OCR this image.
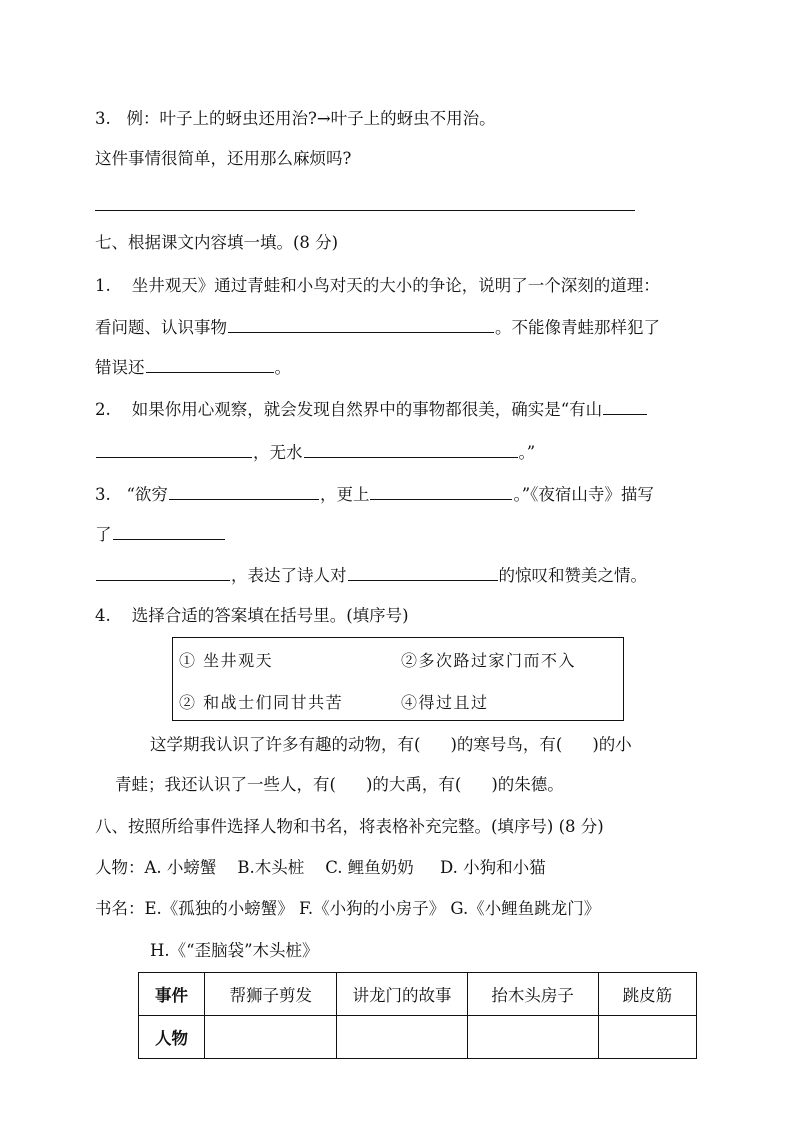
3. 例：叶子上的蚜虫还用治?→叶子上的蚜虫不用治。
这件事情很简单，还用那么麻烦吗?
七、根据课文内容填一填。(8 分)
1. 坐井观天》通过青蛙和小鸟对天的大小的争论，说明了一个深刻的道理：
看问题、认识事物	。不能像青蛙那样犯了
错误还	。
2. 如果你用心观察，就会发现自然界中的事物都很美，确实是“有山
，无水	。”
3. “欲穷	，更上	。”《夜宿山寺》描写
了
，表达了诗人对	的惊叹和赞美之情。
4. 选择合适的答案填在括号里。(填序号)
① 坐井观天	②多次路过家门而不入
② 和战士们同甘共苦	④得过且过
这学期我认识了许多有趣的动物，有( )的寒号鸟，有( )的小
青蛙；我还认识了一些人，有( )的大禹，有( )的朱德。
八、按照所给事件选择人物和书名，将表格补充完整。(填序号) (8 分)
人物：A. 小螃蟹    B.木头桩    C. 鲤鱼奶奶     D. 小狗和小猫
书名：E.《孤独的小螃蟹》 F.《小狗的小房子》 G.《小鲤鱼跳龙门》
H.《“歪脑袋”木头桩》
事件	帮狮子剪发	讲龙门的故事	抬木头房子	跳皮筋
人物				
